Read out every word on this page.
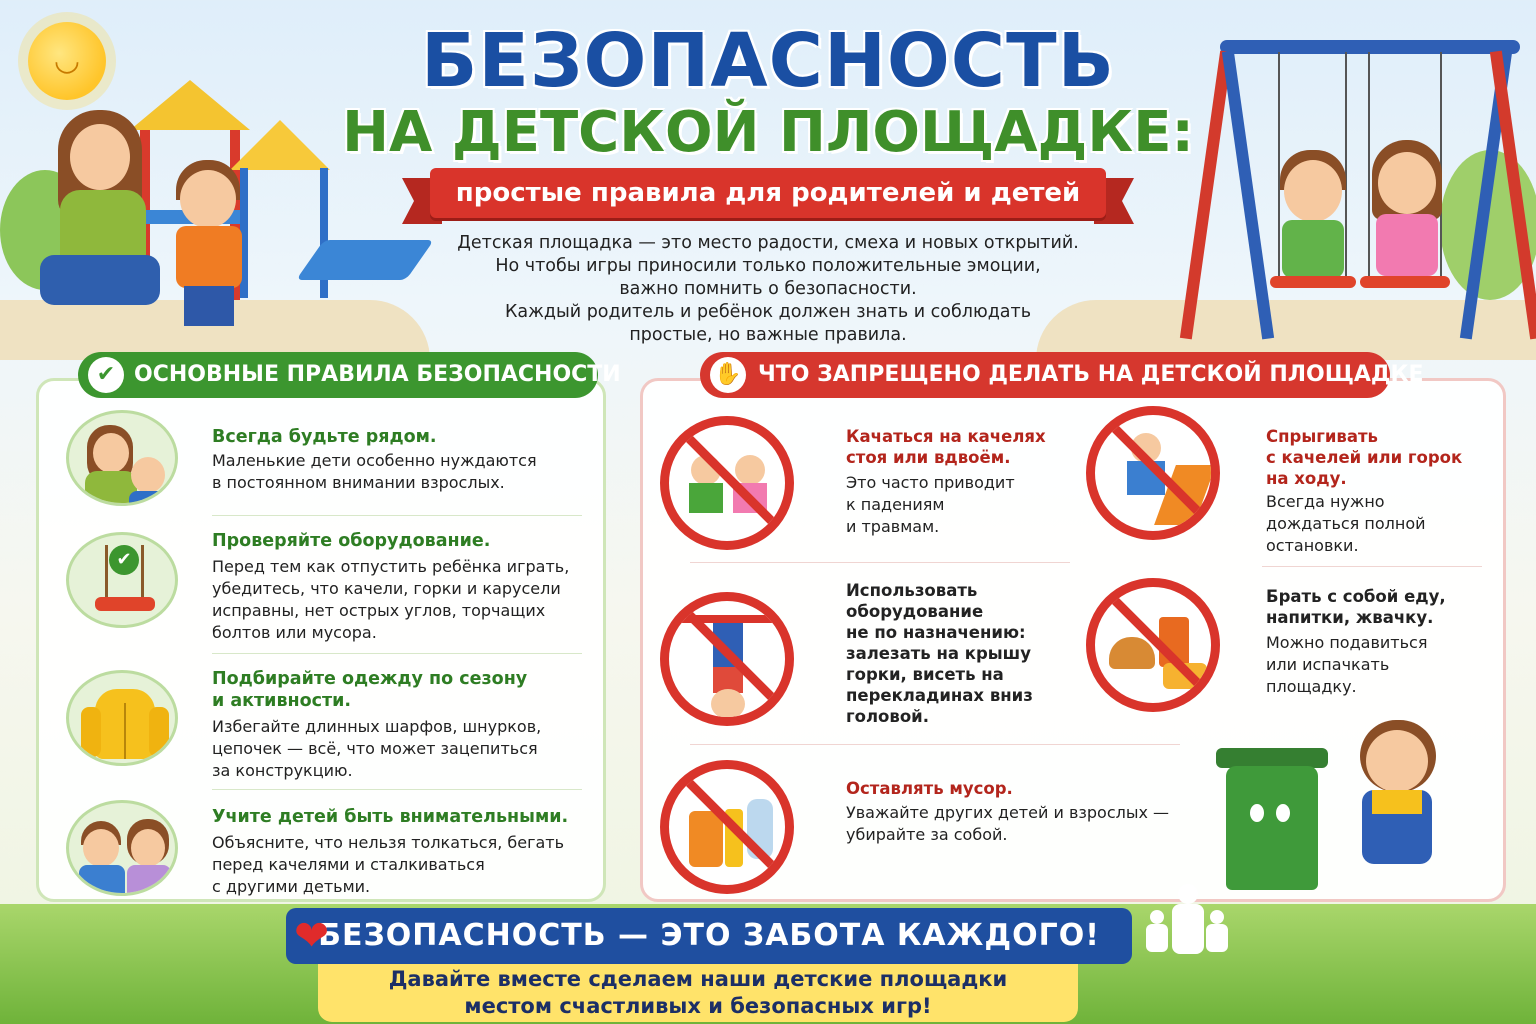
◡	БЕЗОПАСНОСТЬ
НА ДЕТСКОЙ ПЛОЩАДКЕ:
простые правила для родителей и детей
Детская площадка — это место радости, смеха и новых открытий.
Но чтобы игры приносили только положительные эмоции,
важно помнить о безопасности.
Каждый родитель и ребёнок должен знать и соблюдать
простые, но важные правила.
✔ ОСНОВНЫЕ ПРАВИЛА БЕЗОПАСНОСТИ
Всегда будьте рядом.
Маленькие дети особенно нуждаются
в постоянном внимании взрослых.
✔
Проверяйте оборудование.
Перед тем как отпустить ребёнка играть,
убедитесь, что качели, горки и карусели
исправны, нет острых углов, торчащих
болтов или мусора.
Подбирайте одежду по сезону
и активности.
Избегайте длинных шарфов, шнурков,
цепочек — всё, что может зацепиться
за конструкцию.
Учите детей быть внимательными.
Объясните, что нельзя толкаться, бегать
перед качелями и сталкиваться
с другими детьми.
✋ ЧТО ЗАПРЕЩЕНО ДЕЛАТЬ НА ДЕТСКОЙ ПЛОЩАДКЕ
Качаться на качелях
стоя или вдвоём.
Это часто приводит
к падениям
и травмам.
Использовать
оборудование
не по назначению:
залезать на крышу
горки, висеть на
перекладинах вниз
головой.
Оставлять мусор.
Уважайте других детей и взрослых —
убирайте за собой.
Спрыгивать
с качелей или горок
на ходу.
Всегда нужно
дождаться полной
остановки.
Брать с собой еду,
напитки, жвачку.
Можно подавиться
или испачкать
площадку.
Давайте вместе сделаем наши детские площадки
местом счастливых и безопасных игр!
БЕЗОПАСНОСТЬ — ЭТО ЗАБОТА КАЖДОГО!
❤
